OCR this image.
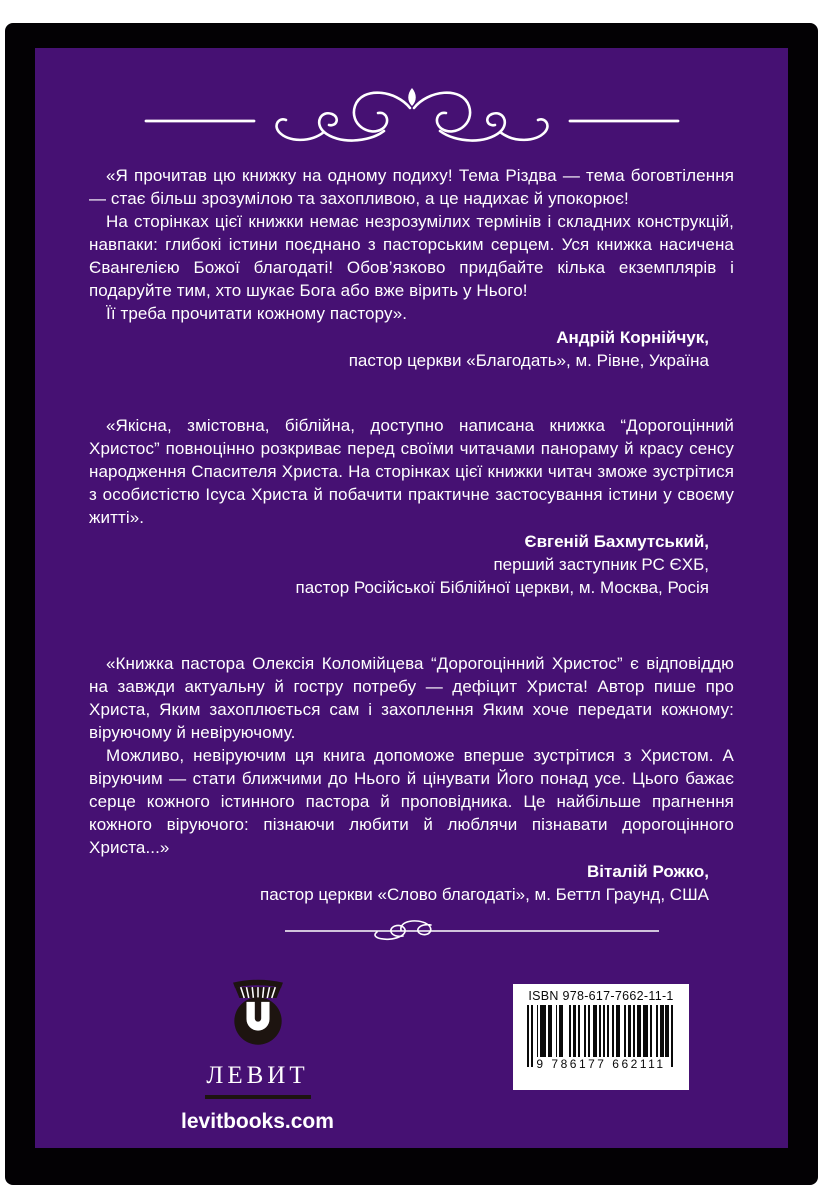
«Я прочитав цю книжку на одному подиху! Тема Різдва — тема боговтілення — стає більш зрозумілою та захопливою, а це надихає й упокорює!

На сторінках цієї книжки немає незрозумілих термінів і складних конструкцій, навпаки: глибокі істини поєднано з пасторським серцем. Уся книжка насичена Євангелією Божої благодаті! Обов’язково придбайте кілька екземплярів і подаруйте тим, хто шукає Бога або вже вірить у Нього!

Її треба прочитати кожному пастору».

Андрій Корнійчук,
пастор церкви «Благодать», м. Рівне, Україна

«Якісна, змістовна, біблійна, доступно написана книжка “Дорогоцінний Христос” повноцінно розкриває перед своїми читачами панораму й красу сенсу народження Спасителя Христа. На сторінках цієї книжки читач зможе зустрітися з особистістю Ісуса Христа й побачити практичне застосування істини у своєму житті».

Євгеній Бахмутський,
перший заступник РС ЄХБ,
пастор Російської Біблійної церкви, м. Москва, Росія

«Книжка пастора Олексія Коломійцева “Дорогоцінний Христос” є відповіддю на завжди актуальну й гостру потребу — дефіцит Христа! Автор пише про Христа, Яким захоплюється сам і захоплення Яким хоче передати кожному: віруючому й невіруючому.

Можливо, невіруючим ця книга допоможе вперше зустрітися з Христом. А віруючим — стати ближчими до Нього й цінувати Його понад усе. Цього бажає серце кожного істинного пастора й проповідника. Це найбільше прагнення кожного віруючого: пізнаючи любити й люблячи пізнавати дорогоцінного Христа...»

Віталій Рожко,
пастор церкви «Слово благодаті», м. Беттл Граунд, США
ЛЕВИТ
levitbooks.com
ISBN 978-617-7662-11-1
9 786177 662111
